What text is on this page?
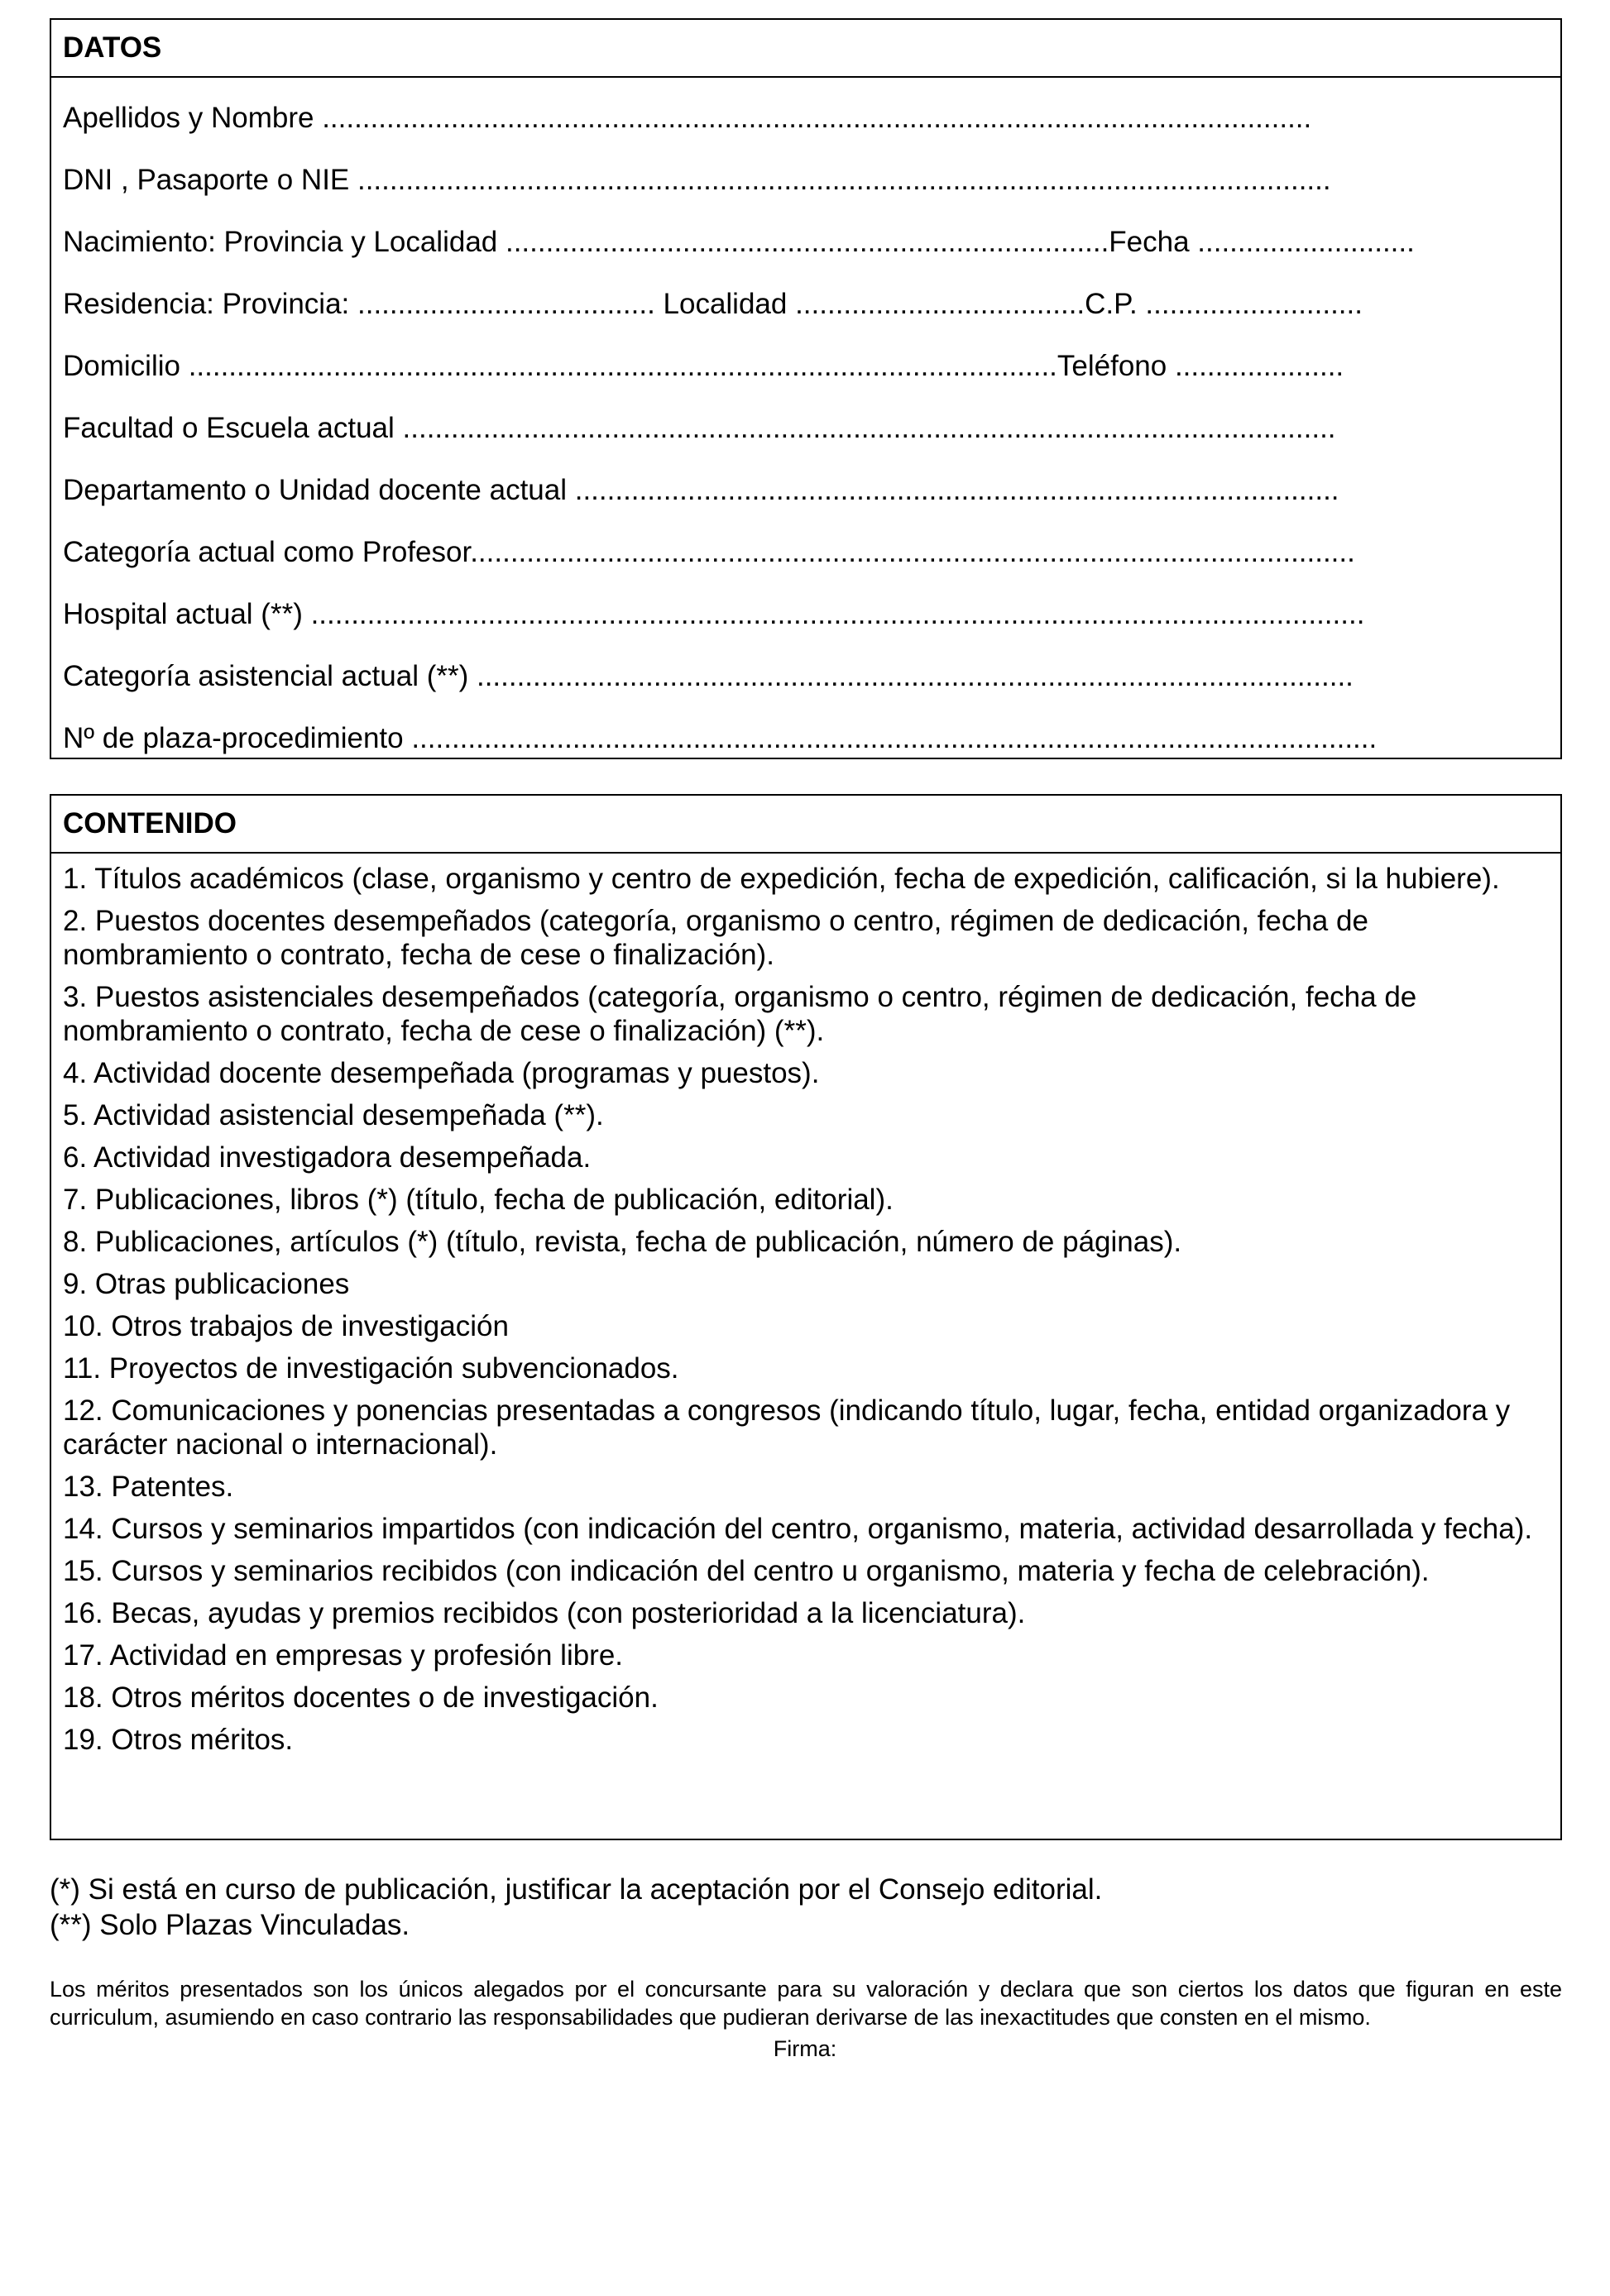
DATOS
Apellidos y Nombre ...........................................................................................................................
DNI , Pasaporte o NIE .........................................................................................................................
Nacimiento: Provincia y Localidad ...........................................................................Fecha ...........................
Residencia: Provincia: ..................................... Localidad ....................................C.P. ...........................
Domicilio ............................................................................................................Teléfono .....................
Facultad o Escuela actual ....................................................................................................................
Departamento o Unidad docente actual ...............................................................................................
Categoría actual como Profesor..............................................................................................................
Hospital actual (**) ...................................................................................................................................
Categoría asistencial actual (**) .............................................................................................................
Nº de plaza-procedimiento ........................................................................................................................
CONTENIDO
1. Títulos académicos (clase, organismo y centro de expedición, fecha de expedición, calificación, si la hubiere).
2. Puestos docentes desempeñados (categoría, organismo o centro, régimen de dedicación, fecha de nombramiento o contrato, fecha de cese o finalización).
3. Puestos asistenciales desempeñados (categoría, organismo o centro, régimen de dedicación, fecha de nombramiento o contrato, fecha de cese o finalización) (**).
4. Actividad docente desempeñada (programas y puestos).
5. Actividad asistencial desempeñada (**).
6. Actividad investigadora desempeñada.
7. Publicaciones, libros (*) (título, fecha de publicación, editorial).
8. Publicaciones, artículos (*) (título, revista, fecha de publicación, número de páginas).
9. Otras publicaciones
10. Otros trabajos de investigación
11. Proyectos de investigación subvencionados.
12. Comunicaciones y ponencias presentadas a congresos (indicando título, lugar, fecha, entidad organizadora y carácter nacional o internacional).
13. Patentes.
14. Cursos y seminarios impartidos (con indicación del centro, organismo, materia, actividad desarrollada y fecha).
15. Cursos y seminarios recibidos (con indicación del centro u organismo, materia y fecha de celebración).
16. Becas, ayudas y premios recibidos (con posterioridad a la licenciatura).
17. Actividad en empresas y profesión libre.
18. Otros méritos docentes o de investigación.
19. Otros méritos.
(*) Si está en curso de publicación, justificar la aceptación por el Consejo editorial.
(**) Solo Plazas Vinculadas.
Los méritos presentados son los únicos alegados por el concursante para su valoración y declara que son ciertos los datos que figuran en este curriculum, asumiendo en caso contrario las responsabilidades que pudieran derivarse de las inexactitudes que consten en el mismo.
Firma:
